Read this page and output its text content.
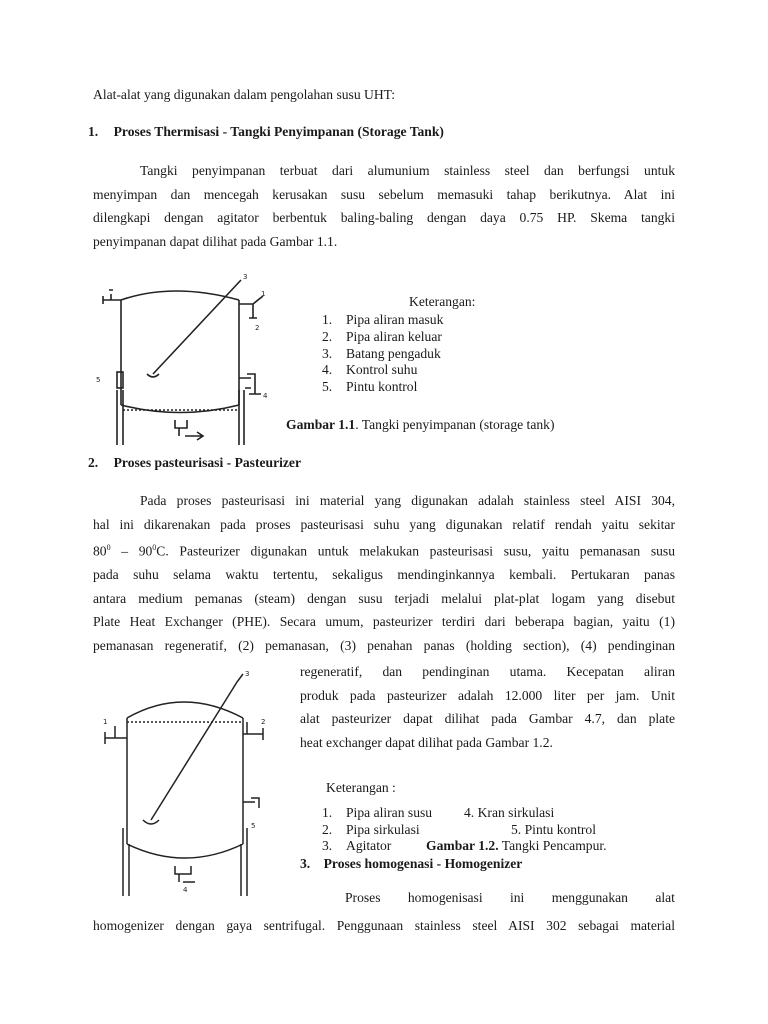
Alat-alat yang digunakan dalam pengolahan susu UHT:
1. Proses Thermisasi - Tangki Penyimpanan (Storage Tank)
Tangki penyimpanan terbuat dari alumunium stainless steel dan berfungsi untuk
menyimpan dan mencegah kerusakan susu sebelum memasuki tahap berikutnya. Alat ini
dilengkapi dengan agitator berbentuk baling-baling dengan daya 0.75 HP. Skema tangki
penyimpanan dapat dilihat pada Gambar 1.1.
3
1
2
5
4
Keterangan:
1. Pipa aliran masuk
2. Pipa aliran keluar
3. Batang pengaduk
4. Kontrol suhu
5. Pintu kontrol
Gambar 1.1. Tangki penyimpanan (storage tank)
2. Proses pasteurisasi - Pasteurizer
Pada proses pasteurisasi ini material yang digunakan adalah stainless steel AISI 304,
hal ini dikarenakan pada proses pasteurisasi suhu yang digunakan relatif rendah yaitu sekitar
$80^0 - 90^0C$. Pasteurizer digunakan untuk melakukan pasteurisasi susu, yaitu pemanasan susu
pada suhu selama waktu tertentu, sekaligus mendinginkannya kembali. Pertukaran panas
antara medium pemanas (steam) dengan susu terjadi melalui plat-plat logam yang disebut
Plate Heat Exchanger (PHE). Secara umum, pasteurizer terdiri dari beberapa bagian, yaitu (1)
pemanasan regeneratif, (2) pemanasan, (3) penahan panas (holding section), (4) pendinginan
regeneratif, dan pendinginan utama. Kecepatan aliran
produk pada pasteurizer adalah 12.000 liter per jam. Unit
alat pasteurizer dapat dilihat pada Gambar 4.7, dan plate
heat exchanger dapat dilihat pada Gambar 1.2.
3
1	2
5
4
Keterangan :
1. Pipa aliran susu 4. Kran sirkulasi
2. Pipa sirkulasi	5. Pintu kontrol
3. Agitator	Gambar 1.2. Tangki Pencampur.
3. Proses homogenasi - Homogenizer
Proses homogenisasi ini menggunakan alat
homogenizer dengan gaya sentrifugal. Penggunaan stainless steel AISI 302 sebagai material
